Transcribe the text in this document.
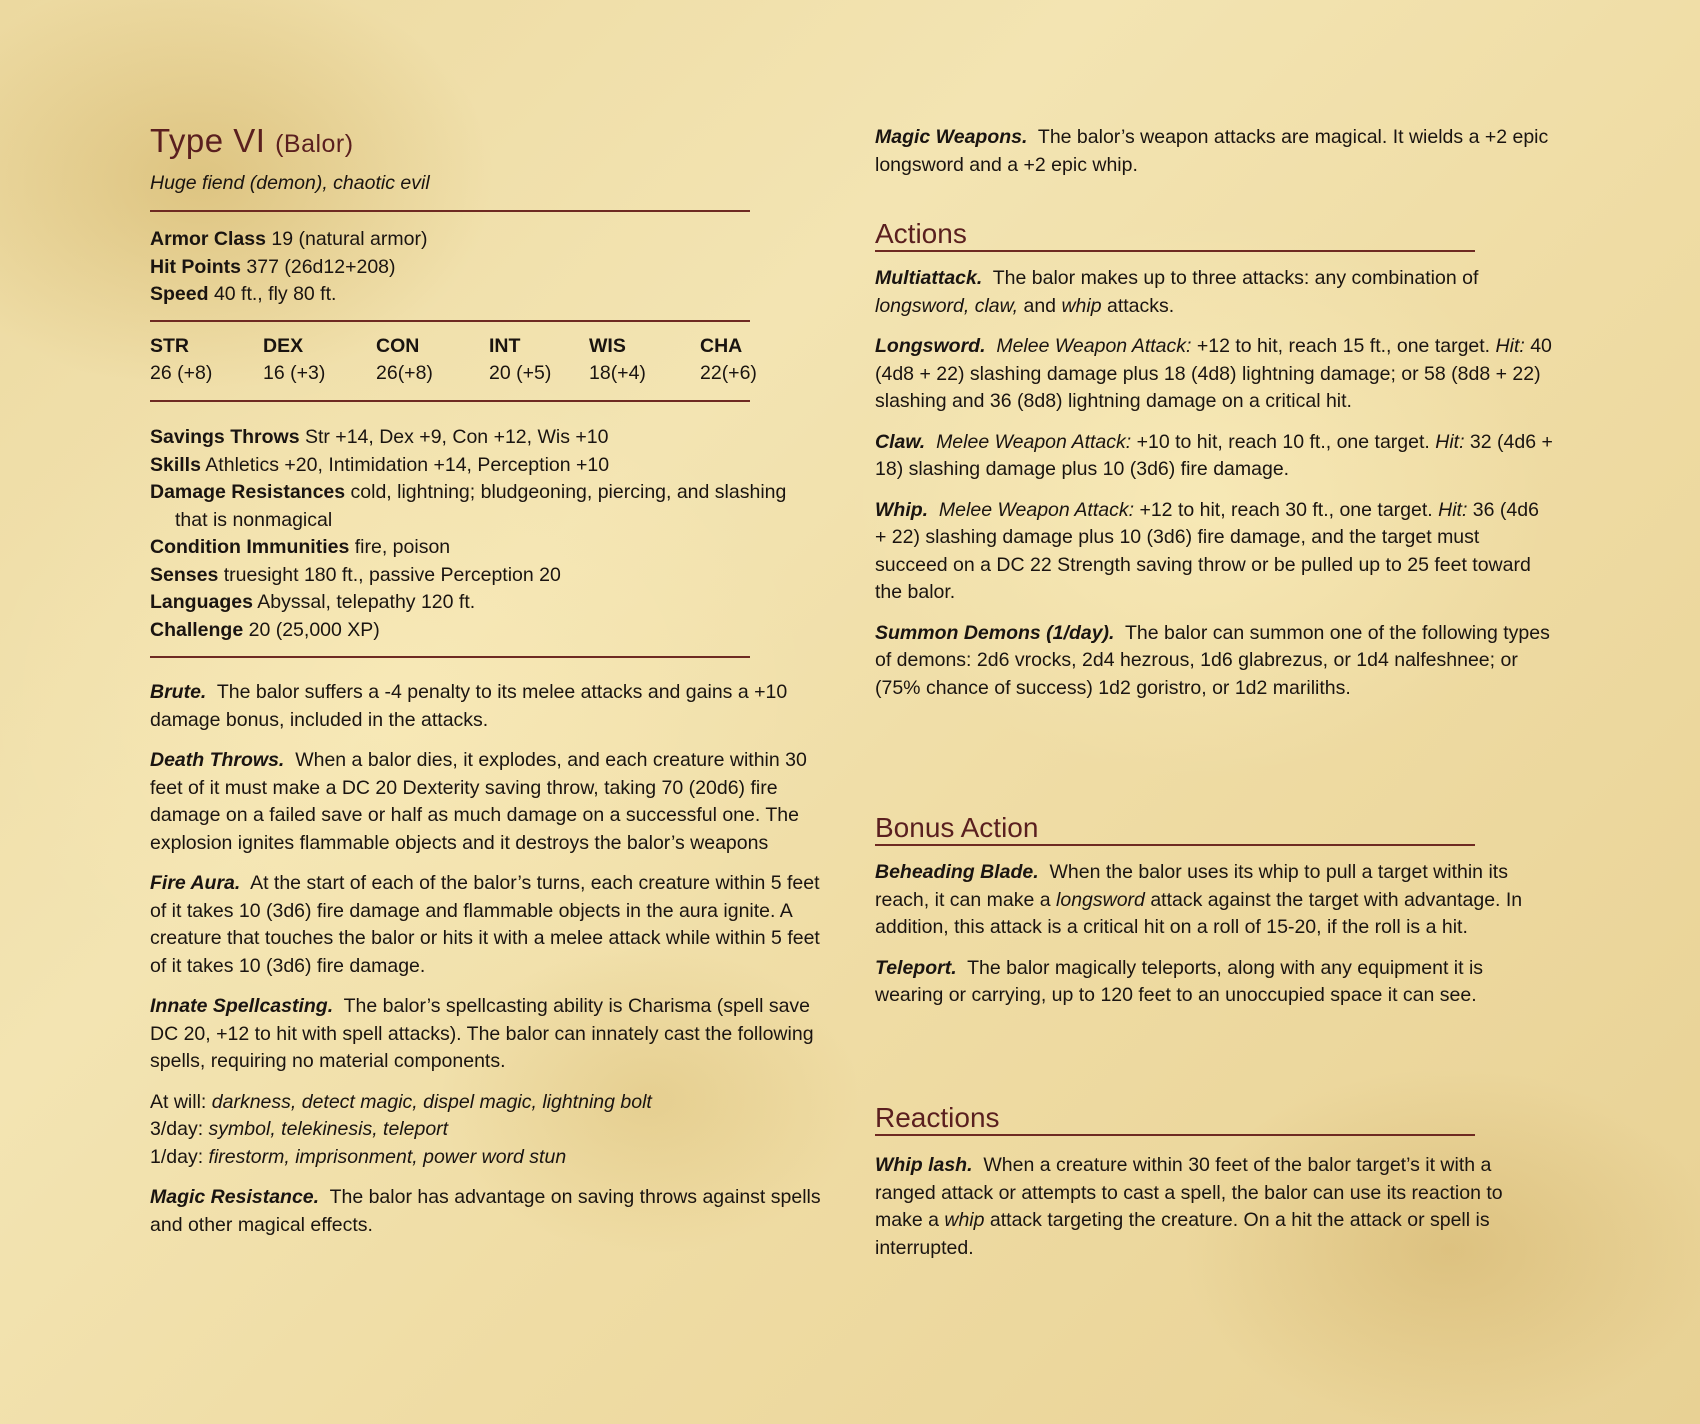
Type VI (Balor)
Huge fiend (demon), chaotic evil

Armor Class 19 (natural armor)

Hit Points 377 (26d12+208)

Speed 40 ft., fly 80 ft.

STR
26 (+8)
DEX
16 (+3)
CON
26(+8)
INT
20 (+5)
WIS
18(+4)
CHA
22(+6)

Savings Throws Str +14, Dex +9, Con +12, Wis +10

Skills Athletics +20, Intimidation +14, Perception +10

Damage Resistances cold, lightning; bludgeoning, piercing, and slashing that is nonmagical

Condition Immunities fire, poison

Senses truesight 180 ft., passive Perception 20

Languages Abyssal, telepathy 120 ft.

Challenge 20 (25,000 XP)

Brute. The balor suffers a -4 penalty to its melee attacks and gains a +10 damage bonus, included in the attacks.

Death Throws. When a balor dies, it explodes, and each creature within 30 feet of it must make a DC 20 Dexterity saving throw, taking 70 (20d6) fire damage on a failed save or half as much damage on a successful one. The explosion ignites flammable objects and it destroys the balor’s weapons

Fire Aura. At the start of each of the balor’s turns, each creature within 5 feet of it takes 10 (3d6) fire damage and flammable objects in the aura ignite. A creature that touches the balor or hits it with a melee attack while within 5 feet of it takes 10 (3d6) fire damage.

Innate Spellcasting. The balor’s spellcasting ability is Charisma (spell save DC 20, +12 to hit with spell attacks). The balor can innately cast the following spells, requiring no material components.

At will: darkness, detect magic, dispel magic, lightning bolt

3/day: symbol, telekinesis, teleport

1/day: firestorm, imprisonment, power word stun

Magic Resistance. The balor has advantage on saving throws against spells and other magical effects.

Magic Weapons. The balor’s weapon attacks are magical. It wields a +2 epic longsword and a +2 epic whip.

Actions

Multiattack. The balor makes up to three attacks: any combination of longsword, claw, and whip attacks.

Longsword. Melee Weapon Attack: +12 to hit, reach 15 ft., one target. Hit: 40 (4d8 + 22) slashing damage plus 18 (4d8) lightning damage; or 58 (8d8 + 22) slashing and 36 (8d8) lightning damage on a critical hit.

Claw. Melee Weapon Attack: +10 to hit, reach 10 ft., one target. Hit: 32 (4d6 + 18) slashing damage plus 10 (3d6) fire damage.

Whip. Melee Weapon Attack: +12 to hit, reach 30 ft., one target. Hit: 36 (4d6 + 22) slashing damage plus 10 (3d6) fire damage, and the target must succeed on a DC 22 Strength saving throw or be pulled up to 25 feet toward the balor.

Summon Demons (1/day). The balor can summon one of the following types of demons: 2d6 vrocks, 2d4 hezrous, 1d6 glabrezus, or 1d4 nalfeshnee; or (75% chance of success) 1d2 goristro, or 1d2 mariliths.

Bonus Action

Beheading Blade. When the balor uses its whip to pull a target within its reach, it can make a longsword attack against the target with advantage. In addition, this attack is a critical hit on a roll of 15-20, if the roll is a hit.

Teleport. The balor magically teleports, along with any equipment it is wearing or carrying, up to 120 feet to an unoccupied space it can see.

Reactions

Whip lash. When a creature within 30 feet of the balor target’s it with a ranged attack or attempts to cast a spell, the balor can use its reaction to make a whip attack targeting the creature. On a hit the attack or spell is interrupted.
